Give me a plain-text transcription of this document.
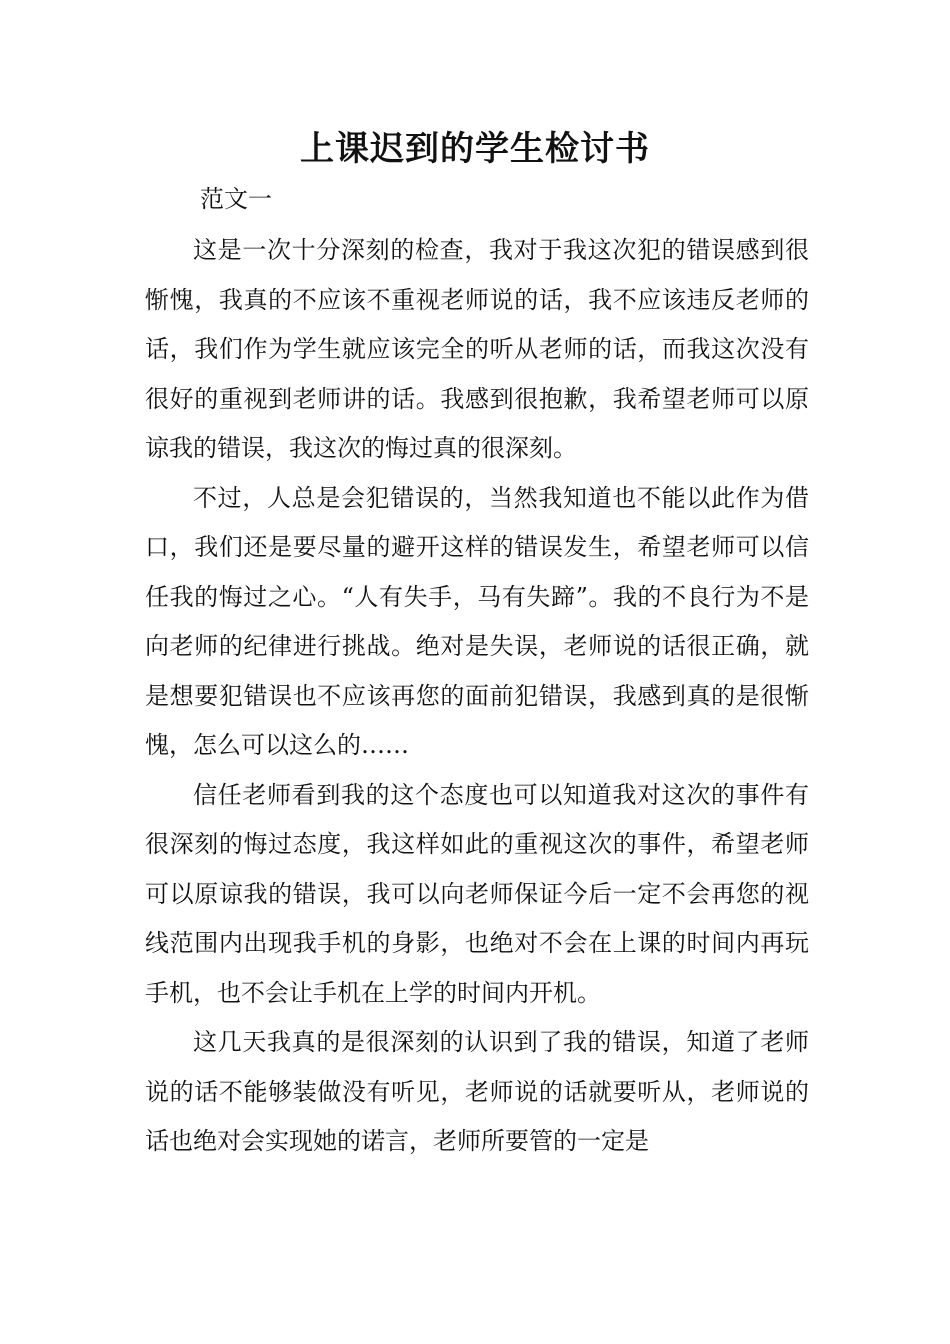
上课迟到的学生检讨书

范文一

这是一次十分深刻的检查，我对于我这次犯的错误感到很惭愧，我真的不应该不重视老师说的话，我不应该违反老师的话，我们作为学生就应该完全的听从老师的话，而我这次没有很好的重视到老师讲的话。我感到很抱歉，我希望老师可以原谅我的错误，我这次的悔过真的很深刻。

不过，人总是会犯错误的，当然我知道也不能以此作为借口，我们还是要尽量的避开这样的错误发生，希望老师可以信任我的悔过之心。“人有失手，马有失蹄”。我的不良行为不是向老师的纪律进行挑战。绝对是失误，老师说的话很正确，就是想要犯错误也不应该再您的面前犯错误，我感到真的是很惭愧，怎么可以这么的……

信任老师看到我的这个态度也可以知道我对这次的事件有很深刻的悔过态度，我这样如此的重视这次的事件，希望老师可以原谅我的错误，我可以向老师保证今后一定不会再您的视线范围内出现我手机的身影，也绝对不会在上课的时间内再玩手机，也不会让手机在上学的时间内开机。

这几天我真的是很深刻的认识到了我的错误，知道了老师说的话不能够装做没有听见，老师说的话就要听从，老师说的话也绝对会实现她的诺言，老师所要管的一定是
